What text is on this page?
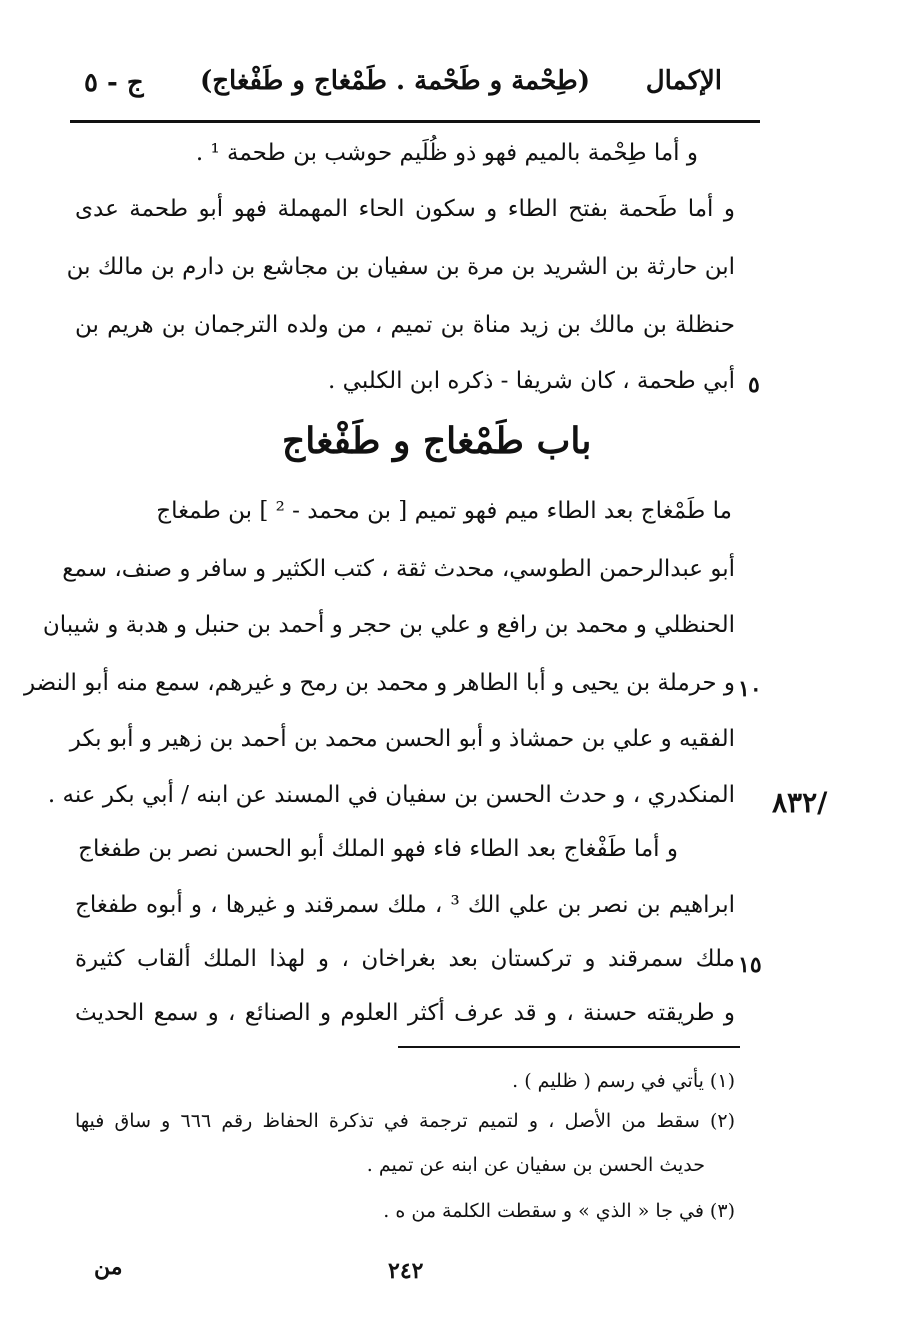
ج - ٥ (طِحْمة و طَحْمة . طَمْغاج و طَفْغاج) الإكمال
و أما طِحْمة بالميم فهو ذو ظُلَيم حوشب بن طحمة ¹ .
و أما طَحمة بفتح الطاء و سكون الحاء المهملة فهو أبو طحمة عدى
ابن حارثة بن الشريد بن مرة بن سفيان بن مجاشع بن دارم بن مالك بن
حنظلة بن مالك بن زيد مناة بن تميم ، من ولده الترجمان بن هريم بن
أبي طحمة ، كان شريفا - ذكره ابن الكلبي . ٥
باب طَمْغاج و طَفْغاج
ما طَمْغاج بعد الطاء ميم فهو تميم [ بن محمد - ² ] بن طمغاج
أبو عبدالرحمن الطوسي، محدث ثقة ، كتب الكثير و سافر و صنف، سمع
الحنظلي و محمد بن رافع و علي بن حجر و أحمد بن حنبل و هدبة و شيبان
و حرملة بن يحيى و أبا الطاهر و محمد بن رمح و غيرهم، سمع منه أبو النضر ١٠
الفقيه و علي بن حمشاذ و أبو الحسن محمد بن أحمد بن زهير و أبو بكر
المنكدري ، و حدث الحسن بن سفيان في المسند عن ابنه / أبي بكر عنه . ٨٣٢/
و أما طَفْغاج بعد الطاء فاء فهو الملك أبو الحسن نصر بن طفغاج
ابراهيم بن نصر بن علي الك ³ ، ملك سمرقند و غيرها ، و أبوه طفغاج
ملك سمرقند و تركستان بعد بغراخان ، و لهذا الملك ألقاب كثيرة ١٥
و طريقته حسنة ، و قد عرف أكثر العلوم و الصنائع ، و سمع الحديث
(١) يأتي في رسم ( ظليم ) .
(٢) سقط من الأصل ، و لتميم ترجمة في تذكرة الحفاظ رقم ٦٦٦ و ساق فيها
حديث الحسن بن سفيان عن ابنه عن تميم .
(٣) في جا « الذي » و سقطت الكلمة من ه .
٢٤٢
من
